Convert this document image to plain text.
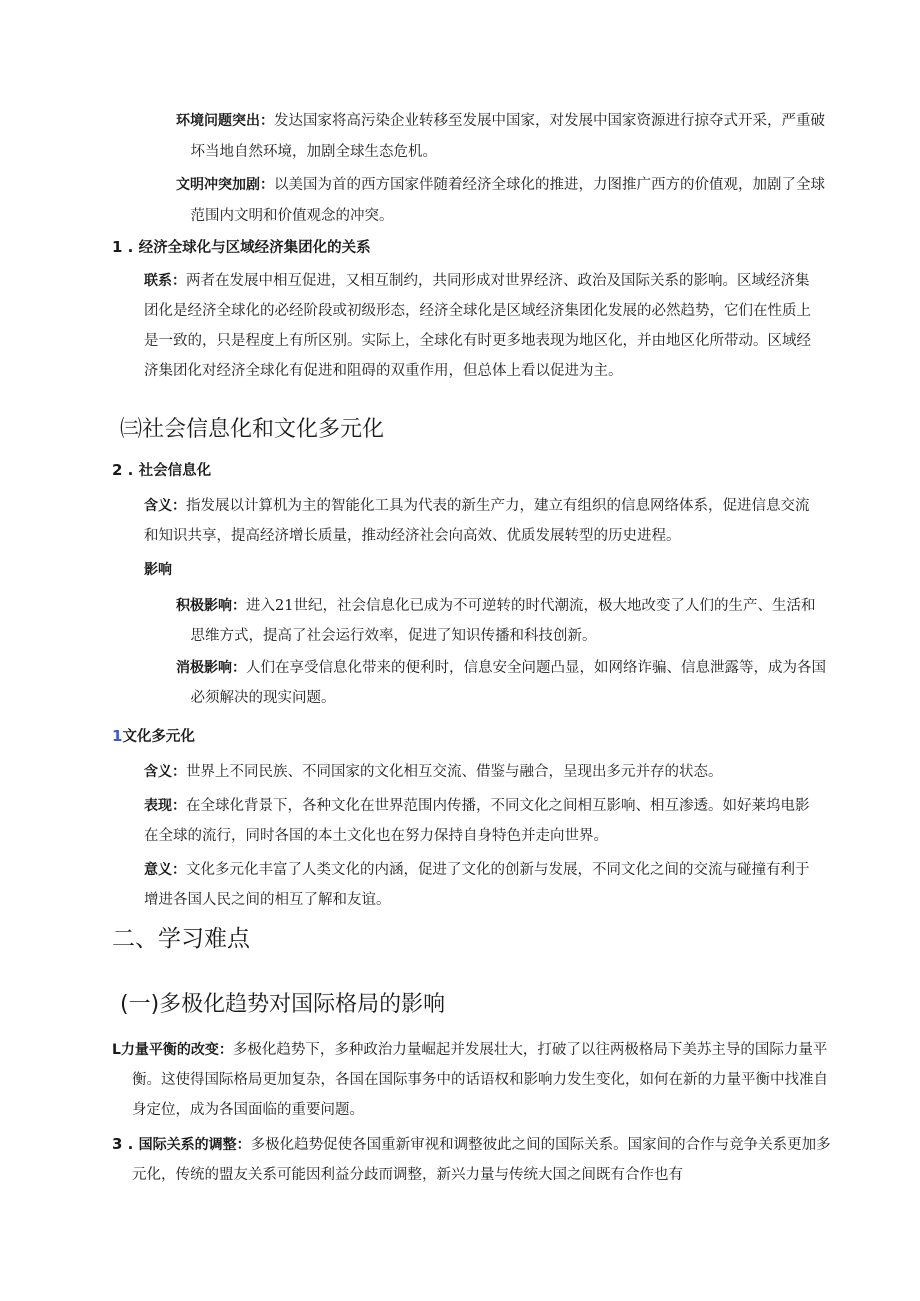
环境问题突出：发达国家将高污染企业转移至发展中国家，对发展中国家资源进行掠夺式开采，严重破坏当地自然环境，加剧全球生态危机。
文明冲突加剧：以美国为首的西方国家伴随着经济全球化的推进，力图推广西方的价值观，加剧了全球范围内文明和价值观念的冲突。
1 . 经济全球化与区域经济集团化的关系
联系：两者在发展中相互促进，又相互制约，共同形成对世界经济、政治及国际关系的影响。区域经济集团化是经济全球化的必经阶段或初级形态，经济全球化是区域经济集团化发展的必然趋势，它们在性质上是一致的，只是程度上有所区别。实际上，全球化有时更多地表现为地区化，并由地区化所带动。区域经济集团化对经济全球化有促进和阻碍的双重作用，但总体上看以促进为主。
㈢社会信息化和文化多元化
2 . 社会信息化
含义：指发展以计算机为主的智能化工具为代表的新生产力，建立有组织的信息网络体系，促进信息交流和知识共享，提高经济增长质量，推动经济社会向高效、优质发展转型的历史进程。
影响
积极影响：进入21世纪，社会信息化已成为不可逆转的时代潮流，极大地改变了人们的生产、生活和思维方式，提高了社会运行效率，促进了知识传播和科技创新。
消极影响：人们在享受信息化带来的便利时，信息安全问题凸显，如网络诈骗、信息泄露等，成为各国必须解决的现实问题。
1文化多元化
含义：世界上不同民族、不同国家的文化相互交流、借鉴与融合，呈现出多元并存的状态。
表现：在全球化背景下，各种文化在世界范围内传播，不同文化之间相互影响、相互渗透。如好莱坞电影在全球的流行，同时各国的本土文化也在努力保持自身特色并走向世界。
意义：文化多元化丰富了人类文化的内涵，促进了文化的创新与发展，不同文化之间的交流与碰撞有利于增进各国人民之间的相互了解和友谊。
二、学习难点
(一)多极化趋势对国际格局的影响
L力量平衡的改变：多极化趋势下，多种政治力量崛起并发展壮大，打破了以往两极格局下美苏主导的国际力量平衡。这使得国际格局更加复杂，各国在国际事务中的话语权和影响力发生变化，如何在新的力量平衡中找准自身定位，成为各国面临的重要问题。
3 . 国际关系的调整：多极化趋势促使各国重新审视和调整彼此之间的国际关系。国家间的合作与竞争关系更加多元化，传统的盟友关系可能因利益分歧而调整，新兴力量与传统大国之间既有合作也有
